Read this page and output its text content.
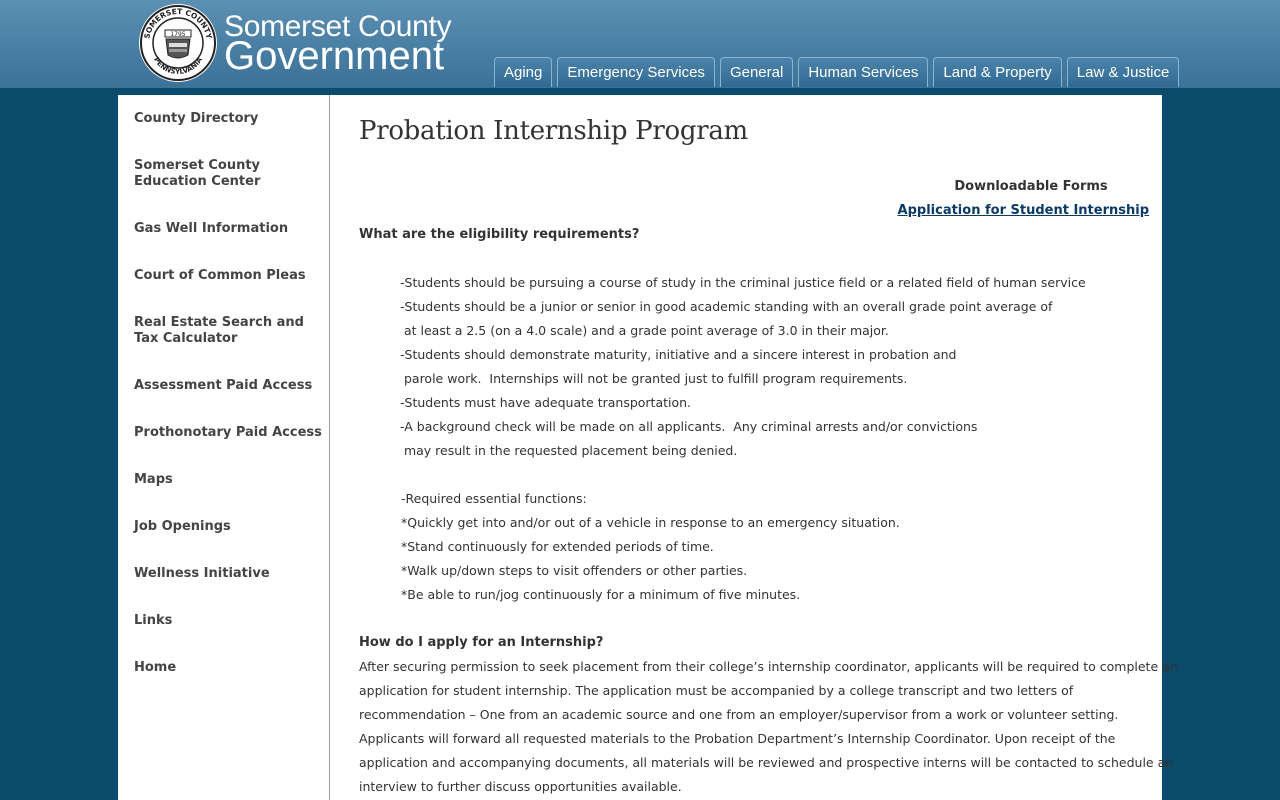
SOMERSET COUNTY
PENNSYLVANIA
1795 Somerset County
Government	Aging	Emergency Services	General	Human Services	Land & Property	Law & Justice
County Directory
Somerset County Education Center
Gas Well Information
Court of Common Pleas
Real Estate Search and Tax Calculator
Assessment Paid Access
Prothonotary Paid Access
Maps
Job Openings
Wellness Initiative
Links
Home
Probation Internship Program
Downloadable Forms
Application for Student Internship
What are the eligibility requirements?
-Students should be pursuing a course of study in the criminal justice field or a related field of human service
-Students should be a junior or senior in good academic standing with an overall grade point average of
at least a 2.5 (on a 4.0 scale) and a grade point average of 3.0 in their major.
-Students should demonstrate maturity, initiative and a sincere interest in probation and
parole work.  Internships will not be granted just to fulfill program requirements.
-Students must have adequate transportation.
-A background check will be made on all applicants.  Any criminal arrests and/or convictions
may result in the requested placement being denied.
-Required essential functions:
*Quickly get into and/or out of a vehicle in response to an emergency situation.
*Stand continuously for extended periods of time.
*Walk up/down steps to visit offenders or other parties.
*Be able to run/jog continuously for a minimum of five minutes.
How do I apply for an Internship?
After securing permission to seek placement from their college’s internship coordinator, applicants will be required to complete an
application for student internship. The application must be accompanied by a college transcript and two letters of
recommendation – One from an academic source and one from an employer/supervisor from a work or volunteer setting.
Applicants will forward all requested materials to the Probation Department’s Internship Coordinator. Upon receipt of the
application and accompanying documents, all materials will be reviewed and prospective interns will be contacted to schedule an
interview to further discuss opportunities available.
